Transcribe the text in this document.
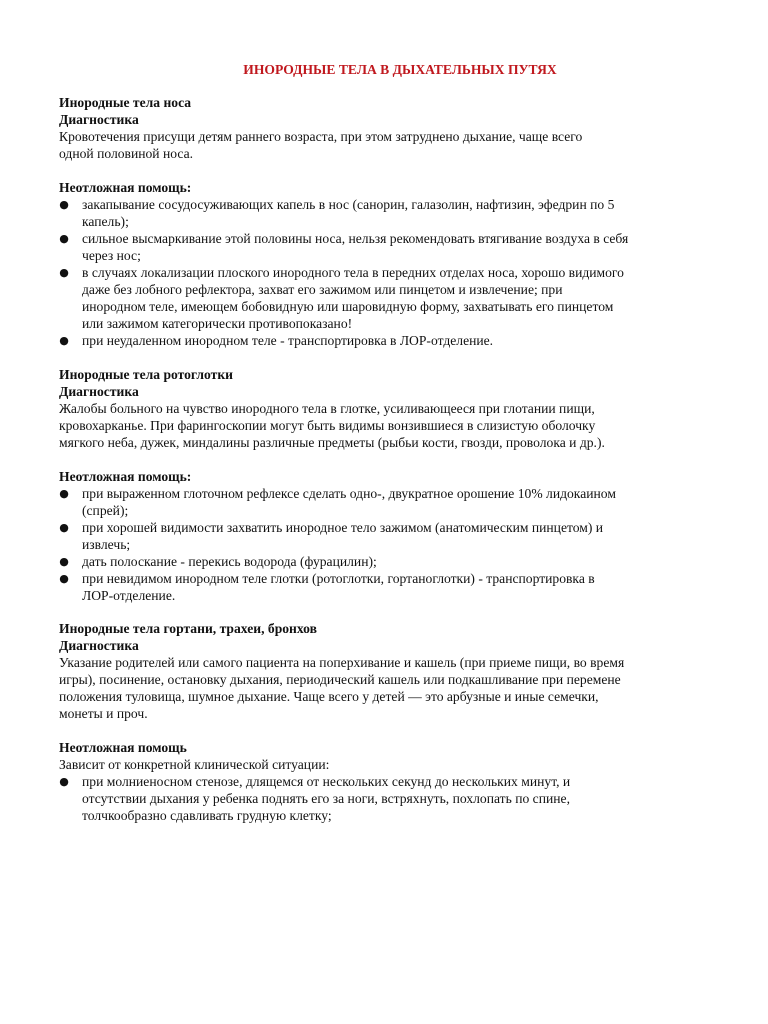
ИНОРОДНЫЕ ТЕЛА В ДЫХАТЕЛЬНЫХ ПУТЯХ
Инородные тела носа
Диагностика
Кровотечения присущи детям раннего возраста, при этом затруднено дыхание, чаще всего
одной половиной носа.
Неотложная помощь:
● закапывание сосудосуживающих капель в нос (санорин, галазолин, нафтизин, эфедрин по 5
капель);
● сильное высмаркивание этой половины носа, нельзя рекомендовать втягивание воздуха в себя
через нос;
● в случаях локализации плоского инородного тела в передних отделах носа, хорошо видимого
даже без лобного рефлектора, захват его зажимом или пинцетом и извлечение; при
инородном теле, имеющем бобовидную или шаровидную форму, захватывать его пинцетом
или зажимом категорически противопоказано!
● при неудаленном инородном теле - транспортировка в ЛОР-отделение.
Инородные тела ротоглотки
Диагностика
Жалобы больного на чувство инородного тела в глотке, усиливающееся при глотании пищи,
кровохарканье. При фарингоскопии могут быть видимы вонзившиеся в слизистую оболочку
мягкого неба, дужек, миндалины различные предметы (рыбьи кости, гвозди, проволока и др.).
Неотложная помощь:
● при выраженном глоточном рефлексе сделать одно-, двукратное орошение 10% лидокаином
(спрей);
● при хорошей видимости захватить инородное тело зажимом (анатомическим пинцетом) и
извлечь;
● дать полоскание - перекись водорода (фурацилин);
● при невидимом инородном теле глотки (ротоглотки, гортаноглотки) - транспортировка в
ЛОР-отделение.
Инородные тела гортани, трахеи, бронхов
Диагностика
Указание родителей или самого пациента на поперхивание и кашель (при приеме пищи, во время
игры), посинение, остановку дыхания, периодический кашель или подкашливание при перемене
положения туловища, шумное дыхание. Чаще всего у детей — это арбузные и иные семечки,
монеты и проч.
Неотложная помощь
Зависит от конкретной клинической ситуации:
● при молниеносном стенозе, длящемся от нескольких секунд до нескольких минут, и
отсутствии дыхания у ребенка поднять его за ноги, встряхнуть, похлопать по спине,
толчкообразно сдавливать грудную клетку;
